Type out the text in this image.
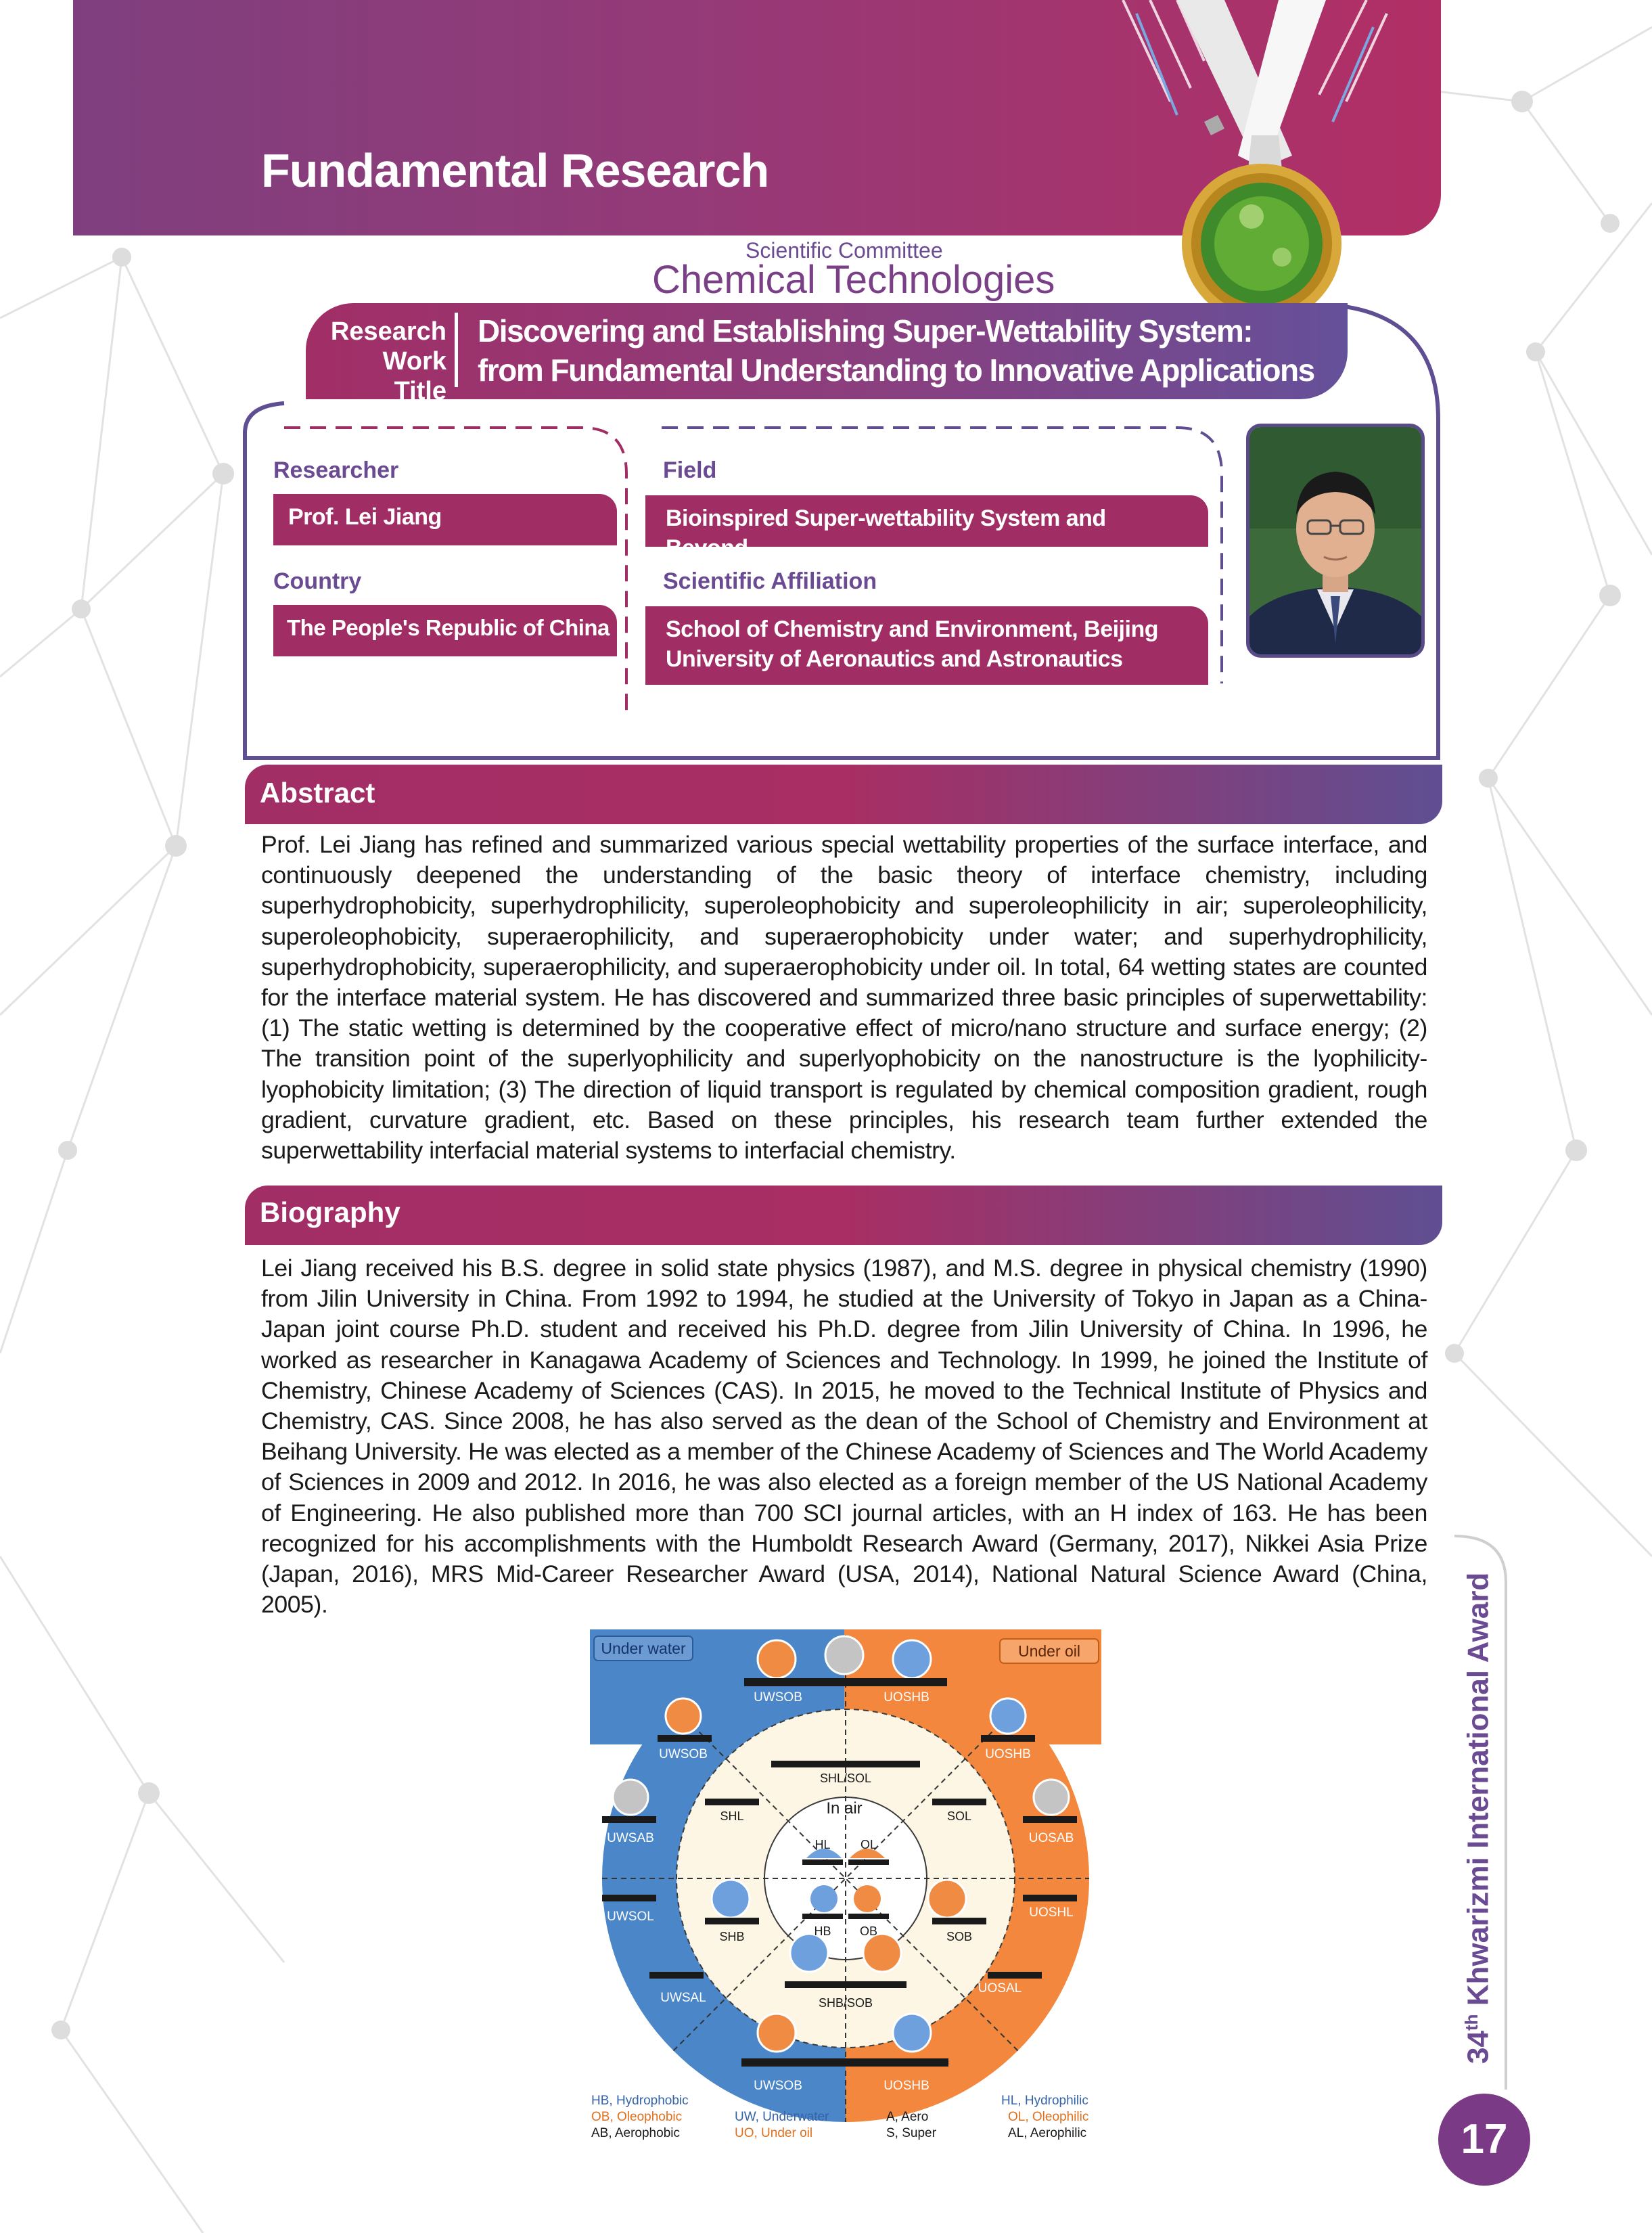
Fundamental Research
Scientific Committee
Chemical Technologies
Research
Work Title
Discovering and Establishing Super-Wettability System:
from Fundamental Understanding to Innovative Applications
Researcher
Prof. Lei Jiang
Country
The People's Republic of China
Field
Bioinspired Super-wettability System and Beyond
Scientific Affiliation
School of Chemistry and Environment, Beijing
University of Aeronautics and Astronautics
Abstract
Prof. Lei Jiang has refined and summarized various special wettability properties of the surface interface, and continuously deepened the understanding of the basic theory of interface chemistry, including superhydrophobicity, superhydrophilicity, superoleophobicity and superoleophilicity in air; superoleophilicity, superoleophobicity, superaerophilicity, and superaerophobicity under water; and superhydrophilicity, superhydrophobicity, superaerophilicity, and superaerophobicity under oil. In total, 64 wetting states are counted for the interface material system. He has discovered and summarized three basic principles of superwettability: (1) The static wetting is determined by the cooperative effect of micro/nano structure and surface energy; (2) The transition point of the superlyophilicity and superlyophobicity on the nanostructure is the lyophilicity-lyophobicity limitation; (3) The direction of liquid transport is regulated by chemical composition gradient, rough gradient, curvature gradient, etc. Based on these principles, his research team further extended the superwettability interfacial material systems to interfacial chemistry.
Biography
Lei Jiang received his B.S. degree in solid state physics (1987), and M.S. degree in physical chemistry (1990) from Jilin University in China. From 1992 to 1994, he studied at the University of Tokyo in Japan as a China-Japan joint course Ph.D. student and received his Ph.D. degree from Jilin University of China. In 1996, he worked as researcher in Kanagawa Academy of Sciences and Technology. In 1999, he joined the Institute of Chemistry, Chinese Academy of Sciences (CAS). In 2015, he moved to the Technical Institute of Physics and Chemistry, CAS. Since 2008, he has also served as the dean of the School of Chemistry and Environment at Beihang University. He was elected as a member of the Chinese Academy of Sciences and The World Academy of Sciences in 2009 and 2012. In 2016, he was also elected as a foreign member of the US National Academy of Engineering. He also published more than 700 SCI journal articles, with an H index of 163. He has been recognized for his accomplishments with the Humboldt Research Award (Germany, 2017), Nikkei Asia Prize (Japan, 2016), MRS Mid-Career Researcher Award (USA, 2014), National Natural Science Award (China, 2005).
Under water	Under oil
UWSOB	UOSHB
UWSOB	UOSHB
UWSAB	UOSAB
UWSOL	UOSHL
UWSAL
UOSAL
UWSOB	UOSHB
SHL/SOL
SHB/SOB
SHL	SOL
SHB	SOB
HL OL
HB OB
In air
HB, Hydrophobic
OB, Oleophobic
AB, Aerophobic
UW, Underwater
UO, Under oil
A, Aero
S, Super
HL, Hydrophilic
OL, Oleophilic
AL, Aerophilic
34th Khwarizmi International Award
17
